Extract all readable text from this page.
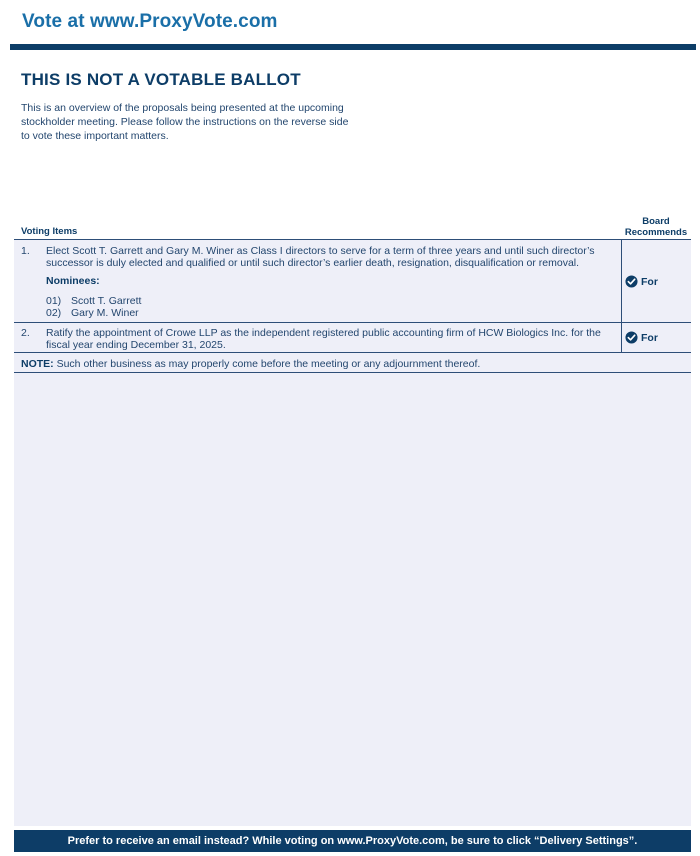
Vote at www.ProxyVote.com
THIS IS NOT A VOTABLE BALLOT
This is an overview of the proposals being presented at the upcoming stockholder meeting. Please follow the instructions on the reverse side to vote these important matters.
Voting Items
Board
Recommends
1. Elect Scott T. Garrett and Gary M. Winer as Class I directors to serve for a term of three years and until such director’s successor is duly elected and qualified or until such director’s earlier death, resignation, disqualification or removal.
Nominees:
01) Scott T. Garrett
02) Gary M. Winer
For
2. Ratify the appointment of Crowe LLP as the independent registered public accounting firm of HCW Biologics Inc. for the fiscal year ending December 31, 2025.
For
NOTE: Such other business as may properly come before the meeting or any adjournment thereof.
Prefer to receive an email instead? While voting on www.ProxyVote.com, be sure to click “Delivery Settings”.
